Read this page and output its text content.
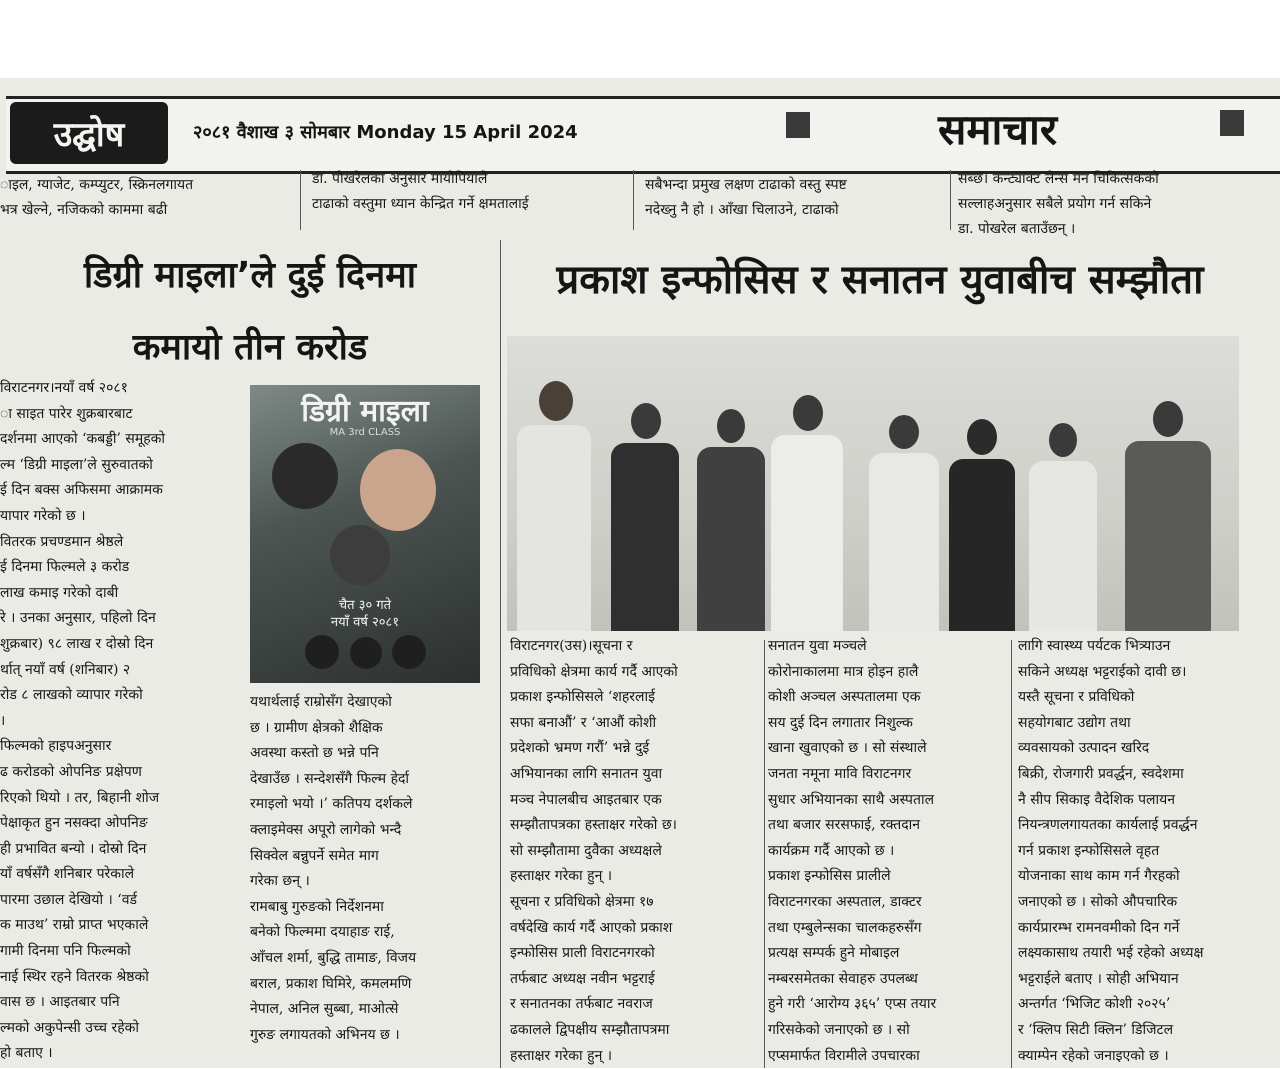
उद्घोष	२०८१ वैशाख ३ सोमबार Monday 15 April 2024	समाचार
ाइल, ग्याजेट, कम्प्युटर, स्क्रिनलगायत
भत्र खेल्ने, नजिकको काममा बढी
डा. पोखरेलका अनुसार मायोपियाले
टाढाको वस्तुमा ध्यान केन्द्रित गर्ने क्षमतालाई
सबैभन्दा प्रमुख लक्षण टाढाको वस्तु स्पष्ट
नदेख्नु नै हो । आँखा चिलाउने, टाढाको
सब्छ। कन्ट्याक्ट लेन्स मन चिकित्सकको
सल्लाहअनुसार सबैले प्रयोग गर्न सकिने
डा. पोखरेल बताउँछन् ।
डिग्री माइला’ले दुई दिनमा
कमायो तीन करोड
विराटनगर।नयाँ वर्ष २०८१
ा साइत पारेर शुक्रबारबाट
दर्शनमा आएको ‘कबड्डी’ समूहको
ल्म ‘डिग्री माइला’ले सुरुवातको
ई दिन बक्स अफिसमा आक्रामक
यापार गरेको छ ।
वितरक प्रचण्डमान श्रेष्ठले
ई दिनमा फिल्मले ३ करोड
लाख कमाइ गरेको दाबी
रे । उनका अनुसार, पहिलो दिन
शुक्रबार) ९८ लाख र दोस्रो दिन
र्थात् नयाँ वर्ष (शनिबार) २
रोड ८ लाखको व्यापार गरेको
।
फिल्मको हाइपअनुसार
ढ करोडको ओपनिङ प्रक्षेपण
रिएको थियो । तर, बिहानी शोज
पेक्षाकृत हुन नसक्दा ओपनिङ
ही प्रभावित बन्यो । दोस्रो दिन
याँ वर्षसँगै शनिबार परेकाले
पारमा उछाल देखियो । ‘वर्ड
क माउथ’ राम्रो प्राप्त भएकाले
गामी दिनमा पनि फिल्मको
नाई स्थिर रहने वितरक श्रेष्ठको
वास छ । आइतबार पनि
ल्मको अकुपेन्सी उच्च रहेको
हो बताए ।
डिग्री माइला
MA 3rd CLASS
चैत ३० गते
नयाँ वर्ष २०८१
यथार्थलाई राम्रोसँग देखाएको
छ । ग्रामीण क्षेत्रको शैक्षिक
अवस्था कस्तो छ भन्ने पनि
देखाउँछ । सन्देशसँगै फिल्म हेर्दा
रमाइलो भयो ।’ कतिपय दर्शकले
क्लाइमेक्स अपूरो लागेको भन्दै
सिक्वेल बन्नुपर्ने समेत माग
गरेका छन् ।
रामबाबु गुरुङको निर्देशनमा
बनेको फिल्ममा दयाहाङ राई,
आँचल शर्मा, बुद्धि तामाङ, विजय
बराल, प्रकाश घिमिरे, कमलमणि
नेपाल, अनिल सुब्बा, माओत्से
गुरुङ लगायतको अभिनय छ ।
प्रकाश इन्फोसिस र सनातन युवाबीच सम्झौता
विराटनगर(उस)।सूचना र
प्रविधिको क्षेत्रमा कार्य गर्दै आएको
प्रकाश इन्फोसिसले ‘शहरलाई
सफा बनाऔं’ र ‘आऔं कोशी
प्रदेशको भ्रमण गरौं’ भन्ने दुई
अभियानका लागि सनातन युवा
मञ्च नेपालबीच आइतबार एक
सम्झौतापत्रका हस्ताक्षर गरेको छ।
सो सम्झौतामा दुवैका अध्यक्षले
हस्ताक्षर गरेका हुन् ।
सूचना र प्रविधिको क्षेत्रमा १७
वर्षदेखि कार्य गर्दै आएको प्रकाश
इन्फोसिस प्राली विराटनगरको
तर्फबाट अध्यक्ष नवीन भट्टराई
र सनातनका तर्फबाट नवराज
ढकालले द्विपक्षीय सम्झौतापत्रमा
हस्ताक्षर गरेका हुन् ।
सनातन युवा मञ्चले
कोरोनाकालमा मात्र होइन हालै
कोशी अञ्चल अस्पतालमा एक
सय दुई दिन लगातार निशुल्क
खाना खुवाएको छ । सो संस्थाले
जनता नमूना मावि विराटनगर
सुधार अभियानका साथै अस्पताल
तथा बजार सरसफाई, रक्तदान
कार्यक्रम गर्दै आएको छ ।
प्रकाश इन्फोसिस प्रालीले
विराटनगरका अस्पताल, डाक्टर
तथा एम्बुलेन्सका चालकहरुसँग
प्रत्यक्ष सम्पर्क हुने मोबाइल
नम्बरसमेतका सेवाहरु उपलब्ध
हुने गरी ‘आरोग्य ३६५’ एप्स तयार
गरिसकेको जनाएको छ । सो
एप्समार्फत विरामीले उपचारका
लागि स्वास्थ्य पर्यटक भित्र्याउन
सकिने अध्यक्ष भट्टराईको दावी छ।
यस्तै सूचना र प्रविधिको
सहयोगबाट उद्योग तथा
व्यवसायको उत्पादन खरिद
बिक्री, रोजगारी प्रवर्द्धन, स्वदेशमा
नै सीप सिकाइ वैदेशिक पलायन
नियन्त्रणलगायतका कार्यलाई प्रवर्द्धन
गर्न प्रकाश इन्फोसिसले वृहत
योजनाका साथ काम गर्न गैरहको
जनाएको छ । सोको औपचारिक
कार्यप्रारम्भ रामनवमीको दिन गर्ने
लक्ष्यकासाथ तयारी भई रहेको अध्यक्ष
भट्टराईले बताए । सोही अभियान
अन्तर्गत ‘भिजिट कोशी २०२५’
र ‘क्लिप सिटी क्लिन’ डिजिटल
क्याम्पेन रहेको जनाइएको छ ।
